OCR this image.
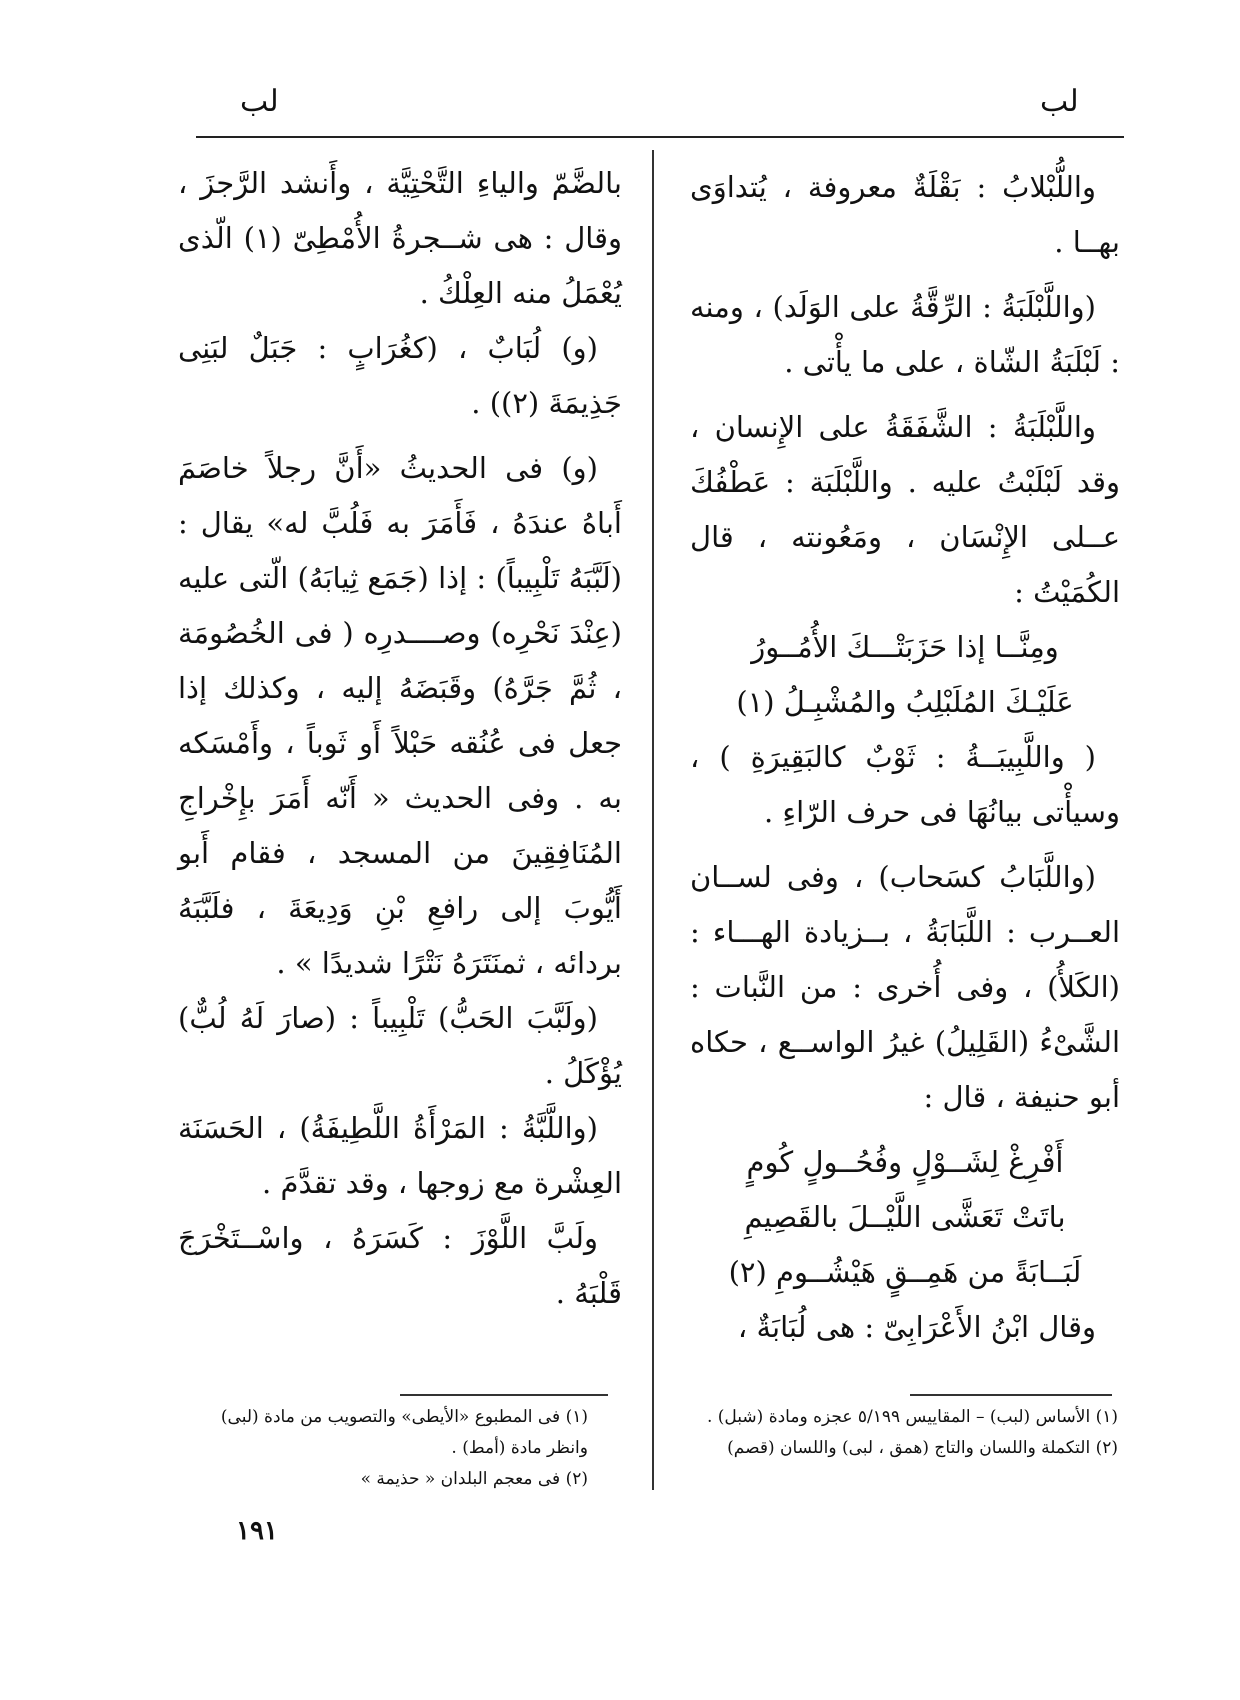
لب
لب

واللُّبْلابُ : بَقْلَةٌ معروفة ، يُتداوَى بهــا .

(واللَّبْلَبَةُ : الرِّقَّةُ على الوَلَد) ، ومنه : لَبْلَبَةُ الشّاة ، على ما يأْتى .

واللَّبْلَبَةُ : الشَّفَقَةُ على الإِنسان ، وقد لَبْلَبْتُ عليه . واللَّبْلَبَة : عَطْفُكَ عــلى الإِنْسَان ، ومَعُونته ، قال الكُمَيْتُ :

ومِنَّــا إذا حَزَبَتْـــكَ الأُمُــورُ

عَلَيْـكَ المُلَبْلِبُ والمُشْبِـلُ (١)

( واللَّبِيبَــةُ : ثَوْبٌ كالبَقِيرَةِ ) ، وسيأْتى بيانُهَا فى حرف الرّاءِ .

(واللَّبَابُ كسَحاب) ، وفى لســان العــرب : اللَّبَابَةُ ، بــزيادة الهـــاء : (الكَلأُ) ، وفى أُخرى : من النَّبات : الشَّىْءُ (القَلِيلُ) غيرُ الواســع ، حكاه أبو حنيفة ، قال :

أَفْرِغْ لِشَــوْلٍ وفُحُــولٍ كُومٍ

باتَتْ تَعَشَّى اللَّيْــلَ بالقَصِيمِ

لَبَــابَةً من هَمِــقٍ هَيْشُــومِ (٢)

وقال ابْنُ الأَعْرَابِىّ : هى لُبَابَةٌ ،

بالضَّمّ والياءِ التَّحْتِيَّة ، وأَنشد الرَّجزَ ، وقال : هى شــجرةُ الأُمْطِىّ (١) الّذى يُعْمَلُ منه العِلْكُ .

(و) لُبَابٌ ، (كغُرَابٍ : جَبَلٌ لبَنِى جَذِيمَةَ (٢)) .

(و) فى الحديثُ «أَنَّ رجلاً خاصَمَ أَباهُ عندَهُ ، فَأَمَرَ به فَلُبَّ له» يقال : (لَبَّبَهُ تَلْبِيباً) : إذا (جَمَع ثِيابَهُ) الّتى عليه (عِنْدَ نَحْرِه) وصــــدرِه ( فى الخُصُومَة ، ثُمَّ جَرَّهُ) وقَبَضَهُ إليه ، وكذلك إذا جعل فى عُنُقه حَبْلاً أَو ثَوباً ، وأَمْسَكه به . وفى الحديث « أَنّه أَمَرَ بإِخْراجِ المُنَافِقِينَ من المسجد ، فقام أَبو أَيُّوبَ إلى رافعِ بْنِ وَدِيعَةَ ، فلَبَّبَهُ بردائه ، ثمنَتَرَهُ نَتْرًا شديدًا » .

(ولَبَّبَ الحَبُّ) تَلْبِيباً : (صارَ لَهُ لُبٌّ) يُؤْكَلُ .

(واللَّبَّةُ : المَرْأَةُ اللَّطِيفَةُ) ، الحَسَنَة العِشْرة مع زوجها ، وقد تقدَّمَ .

ولَبَّ اللَّوْزَ : كَسَرَهُ ، واسْــتَخْرَجَ قَلْبَهُ .

(١) الأساس (لبب) – المقاييس ٥/١٩٩ عجزه ومادة (شبل) .

(٢) التكملة واللسان والتاج (همق ، لبى) واللسان (قصم)

(١) فى المطبوع «الأيطى» والتصويب من مادة (لبى) وانظر مادة (أمط) .

(٢) فى معجم البلدان « حذيمة »

١٩١
